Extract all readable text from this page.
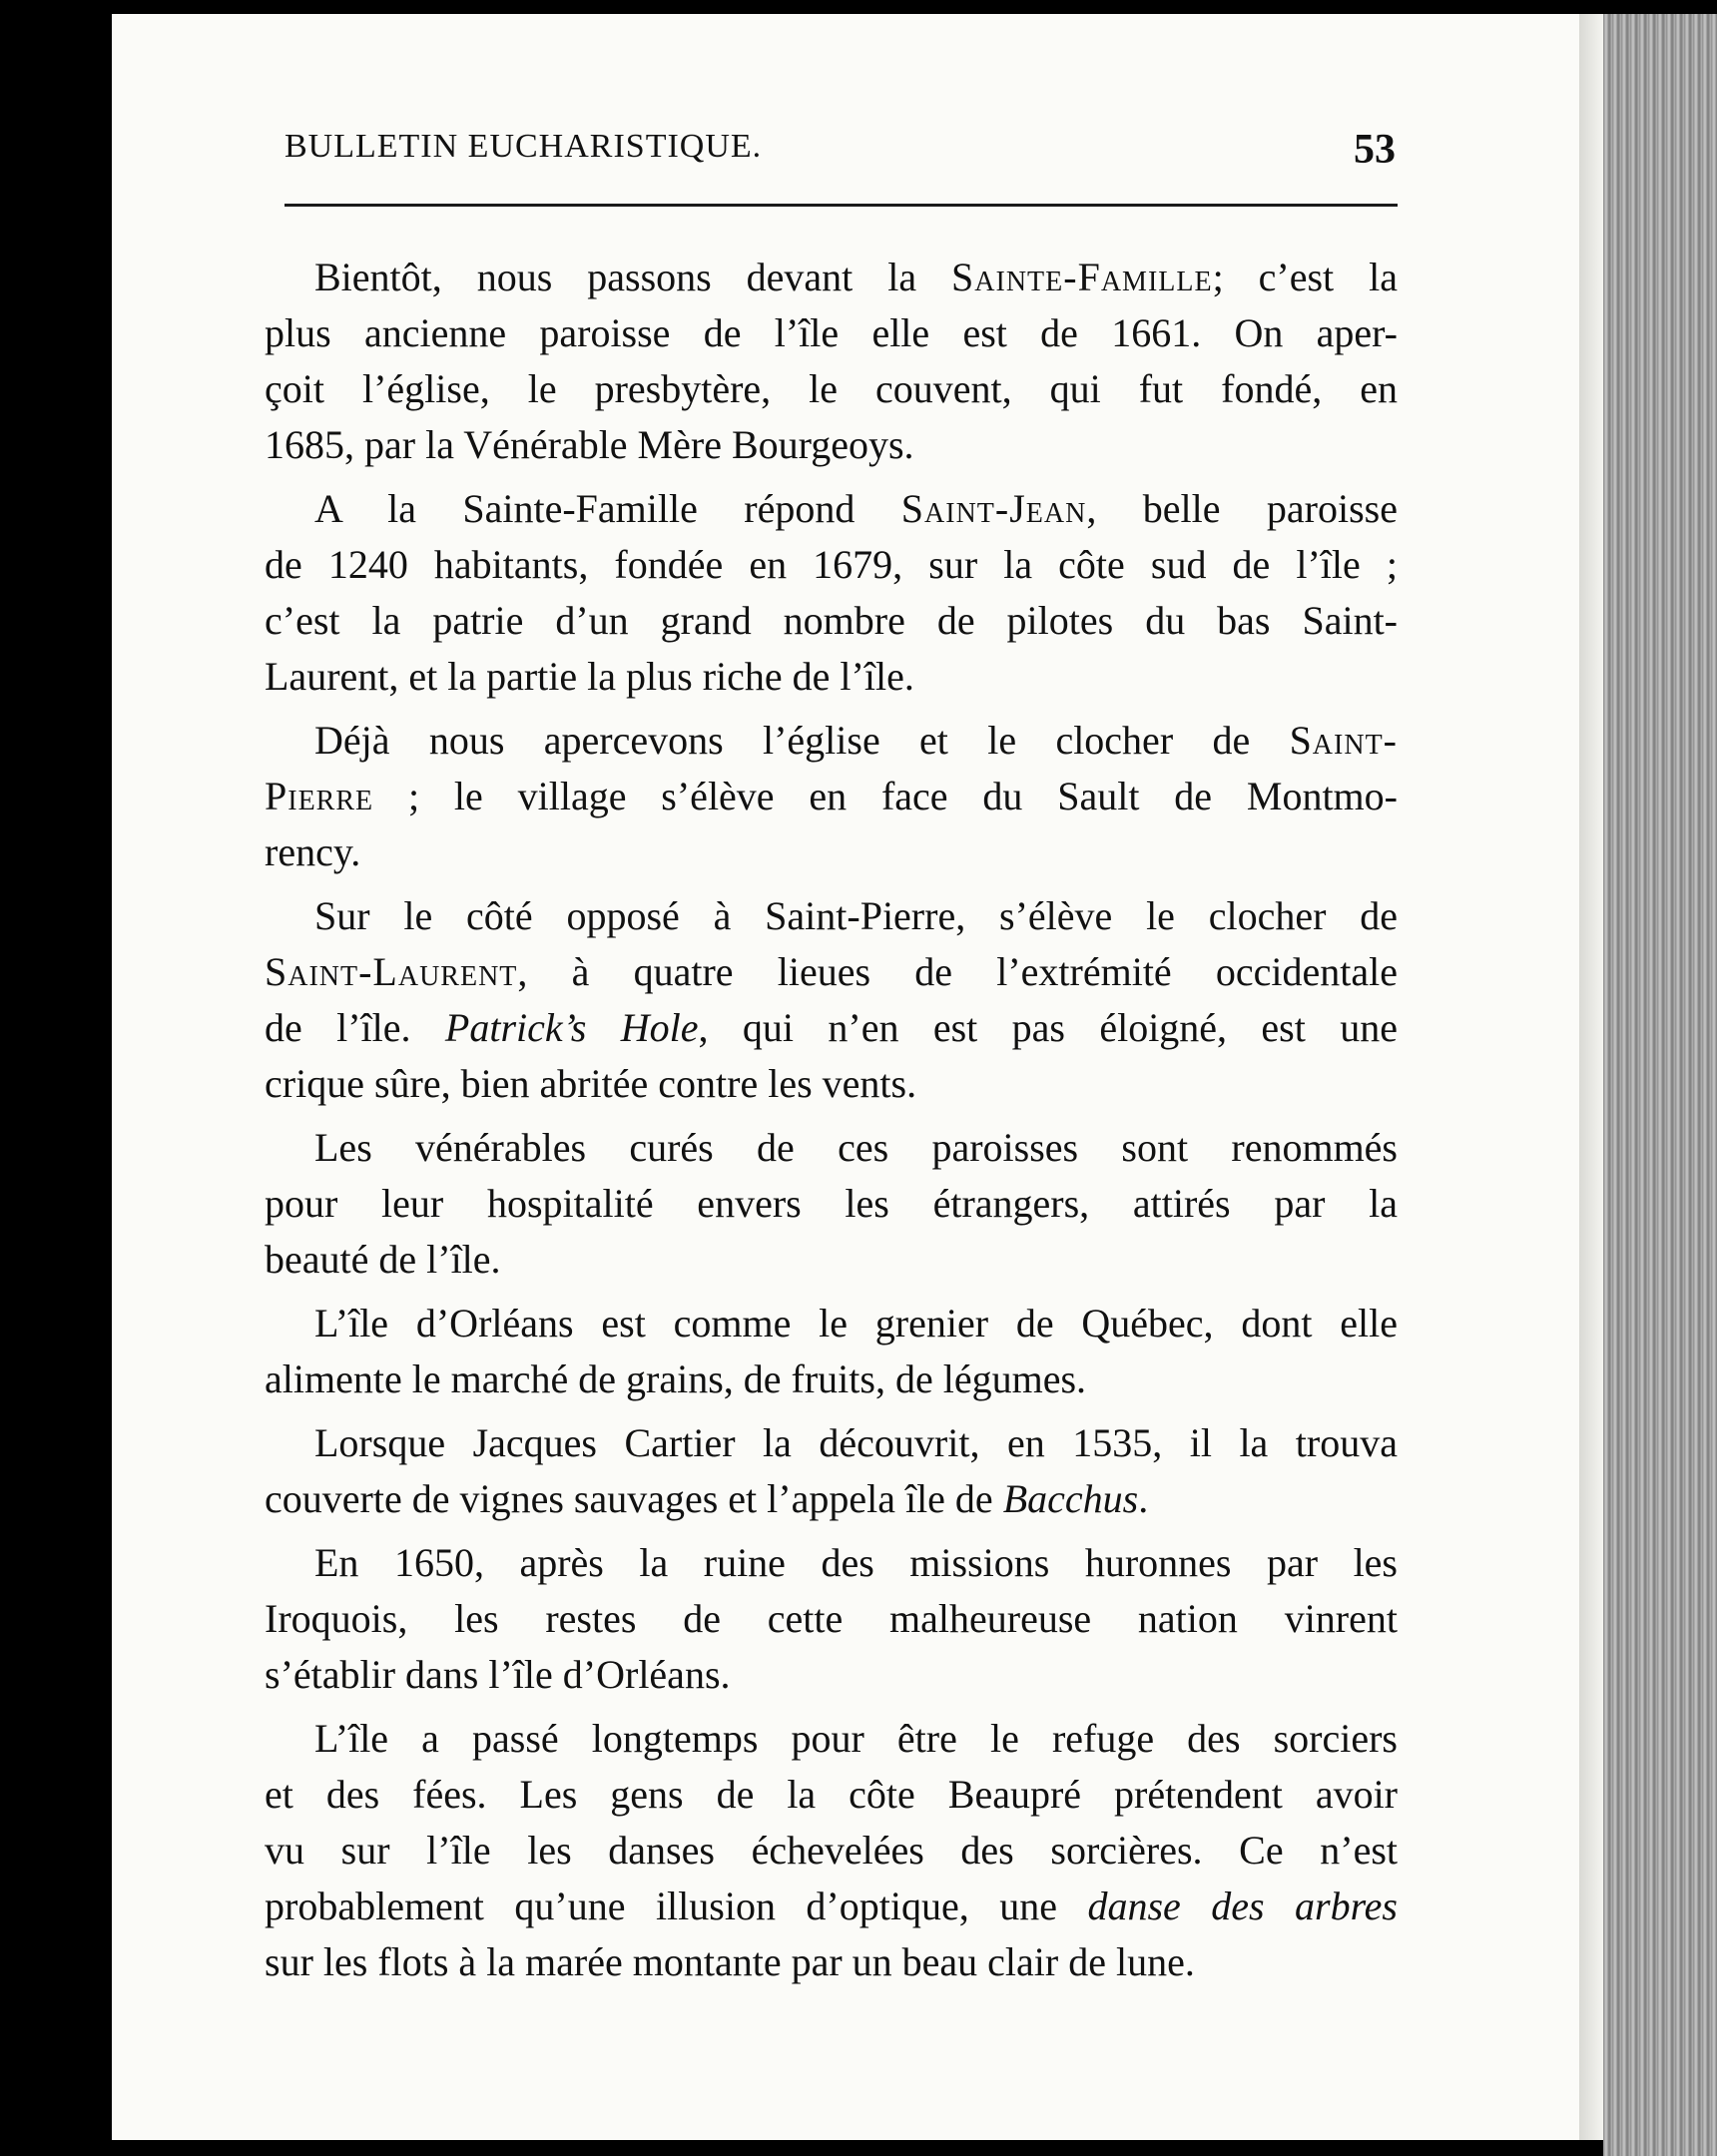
BULLETIN EUCHARISTIQUE.	53
Bientôt, nous passons devant la Sainte-Famille; c’est la
plus ancienne paroisse de l’île elle est de 1661. On aper-
çoit l’église, le presbytère, le couvent, qui fut fondé, en
1685, par la Vénérable Mère Bourgeoys.
A la Sainte-Famille répond Saint-Jean, belle paroisse
de 1240 habitants, fondée en 1679, sur la côte sud de l’île ;
c’est la patrie d’un grand nombre de pilotes du bas Saint-
Laurent, et la partie la plus riche de l’île.
Déjà nous apercevons l’église et le clocher de Saint-
Pierre ; le village s’élève en face du Sault de Montmo-
rency.
Sur le côté opposé à Saint-Pierre, s’élève le clocher de
Saint-Laurent, à quatre lieues de l’extrémité occidentale
de l’île. Patrick’s Hole, qui n’en est pas éloigné, est une
crique sûre, bien abritée contre les vents.
Les vénérables curés de ces paroisses sont renommés
pour leur hospitalité envers les étrangers, attirés par la
beauté de l’île.
L’île d’Orléans est comme le grenier de Québec, dont elle
alimente le marché de grains, de fruits, de légumes.
Lorsque Jacques Cartier la découvrit, en 1535, il la trouva
couverte de vignes sauvages et l’appela île de Bacchus.
En 1650, après la ruine des missions huronnes par les
Iroquois, les restes de cette malheureuse nation vinrent
s’établir dans l’île d’Orléans.
L’île a passé longtemps pour être le refuge des sorciers
et des fées. Les gens de la côte Beaupré prétendent avoir
vu sur l’île les danses échevelées des sorcières. Ce n’est
probablement qu’une illusion d’optique, une danse des arbres
sur les flots à la marée montante par un beau clair de lune.
